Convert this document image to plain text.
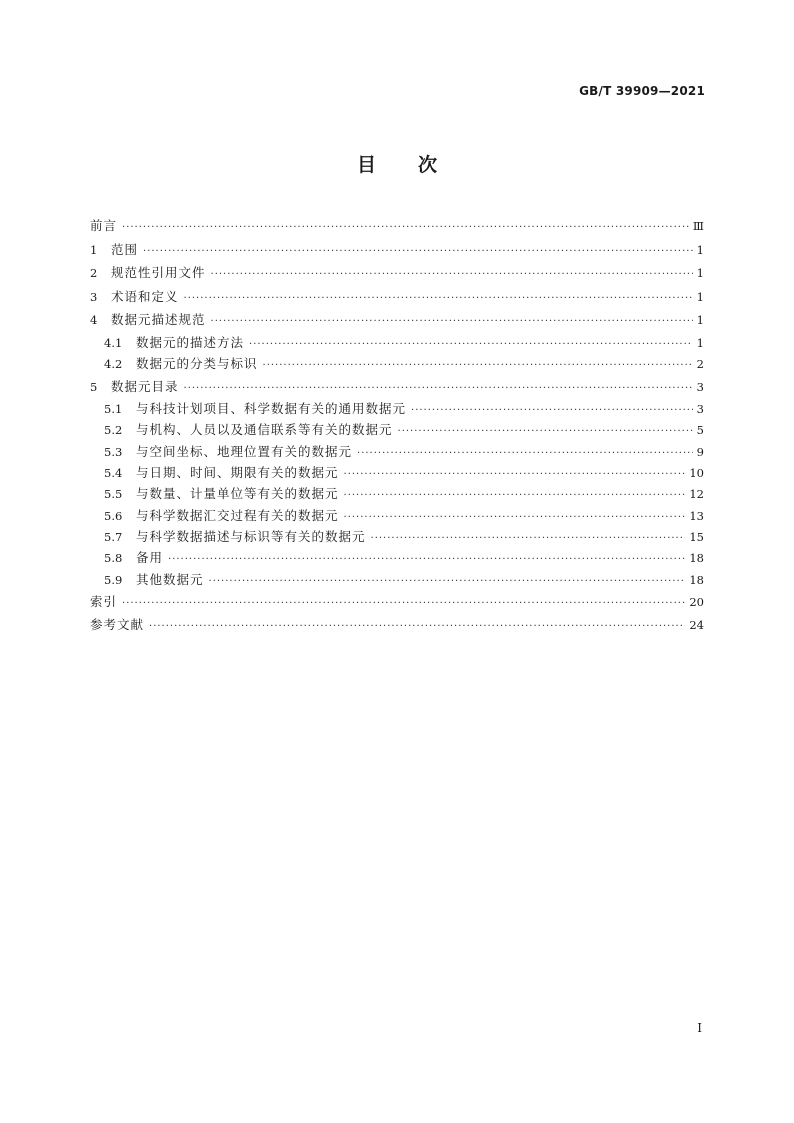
GB/T 39909—2021
目 次
前言 ·····	Ⅲ
1	范围 ·····	1
2	规范性引用文件 ·····	1
3	术语和定义 ·····	1
4	数据元描述规范 ·····	1
4.1	数据元的描述方法 ·····	1
4.2	数据元的分类与标识 ·····	2
5	数据元目录 ·····	3
5.1	与科技计划项目、科学数据有关的通用数据元 ·····	3
5.2	与机构、人员以及通信联系等有关的数据元 ·····	5
5.3	与空间坐标、地理位置有关的数据元 ·····	9
5.4	与日期、时间、期限有关的数据元 ·····	10
5.5	与数量、计量单位等有关的数据元 ·····	12
5.6	与科学数据汇交过程有关的数据元 ·····	13
5.7	与科学数据描述与标识等有关的数据元 ·····	15
5.8	备用 ·····	18
5.9	其他数据元 ·····	18
索引 ·····	20
参考文献 ·····	24
I
